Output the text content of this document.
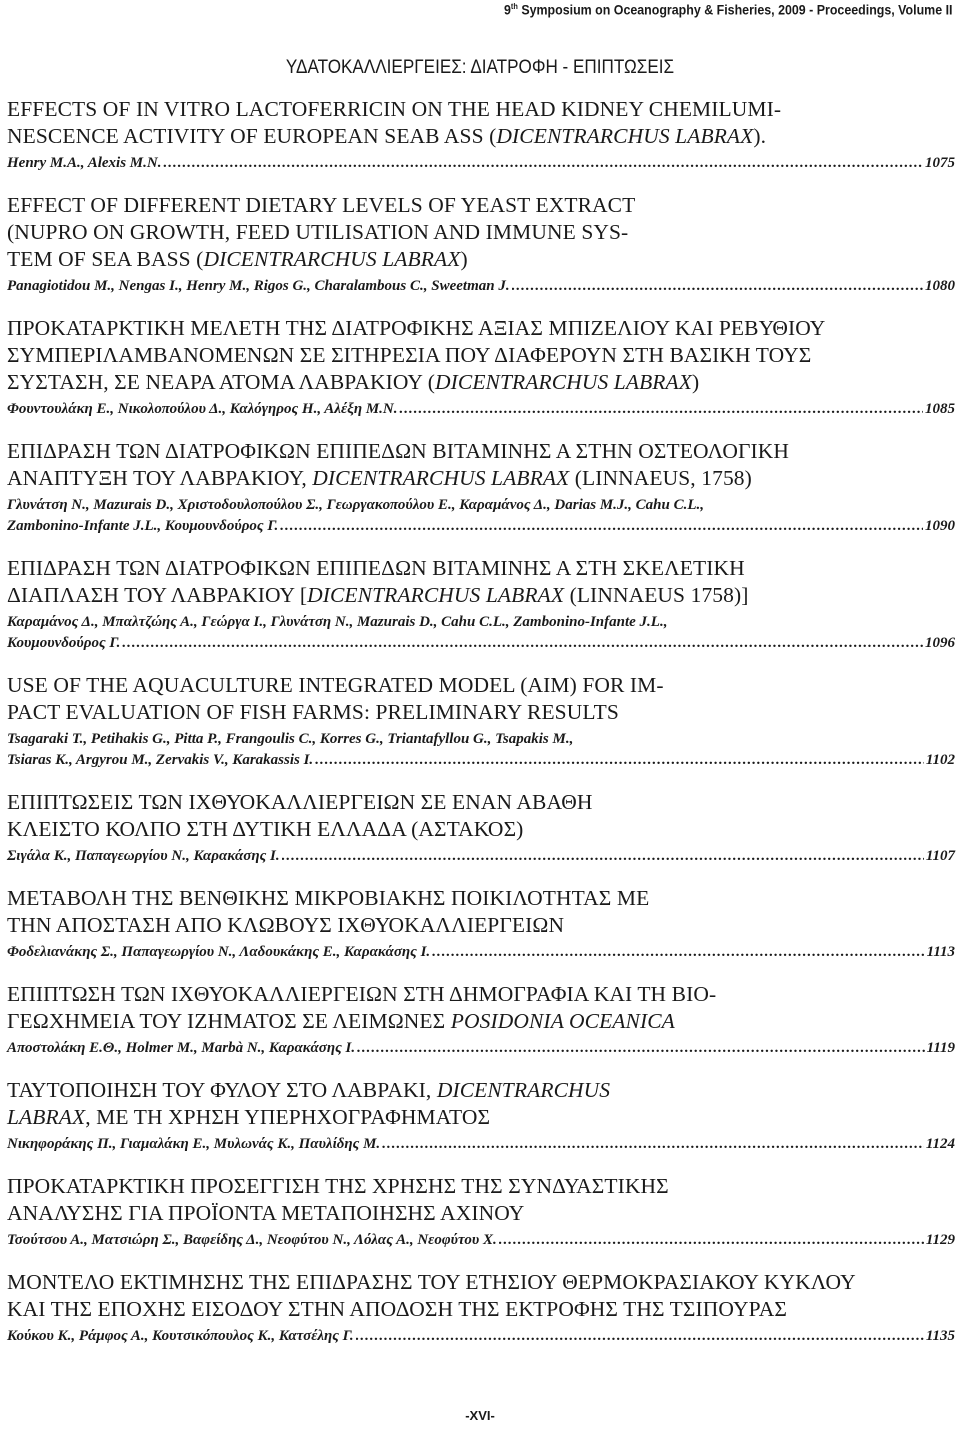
9th Symposium on Oceanography & Fisheries, 2009 - Proceedings, Volume II
ΥΔΑΤΟΚΑΛΛΙΕΡΓΕΙΕΣ: ΔΙΑΤΡΟΦΗ - ΕΠΙΠΤΩΣΕΙΣ
EFFECTS OF IN VITRO LACTOFERRICIN ON THE HEAD KIDNEY CHEMILUMI-
NESCENCE ACTIVITY OF EUROPEAN SEAB ASS (DICENTRARCHUS LABRAX).
Henry M.A., Alexis M.N. .....	1075
EFFECT OF DIFFERENT DIETARY LEVELS OF YEAST EXTRACT
(NUPRO ON GROWTH, FEED UTILISATION AND IMMUNE SYS-
TEM OF SEA BASS (DICENTRARCHUS LABRAX)
Panagiotidou M., Nengas I., Henry M., Rigos G., Charalambous C., Sweetman J. .....	1080
ΠΡΟΚΑΤΑΡΚΤΙΚΗ ΜΕΛΕΤΗ ΤΗΣ ΔΙΑΤΡΟΦΙΚΗΣ ΑΞΙΑΣ ΜΠΙΖΕΛΙΟΥ ΚΑΙ ΡΕΒΥΘΙΟΥ
ΣΥΜΠΕΡΙΛΑΜΒΑΝΟΜΕΝΩΝ ΣΕ ΣΙΤΗΡΕΣΙΑ ΠΟΥ ΔΙΑΦΕΡΟΥΝ ΣΤΗ ΒΑΣΙΚΗ ΤΟΥΣ
ΣΥΣΤΑΣΗ, ΣΕ ΝΕΑΡΑ ΑΤΟΜΑ ΛΑΒΡΑΚΙΟΥ (DICENTRARCHUS LABRAX)
Φουντουλάκη Ε., Νικολοπούλου Δ., Καλόγηρος Η., Αλέξη Μ.Ν. .....	1085
ΕΠΙΔΡΑΣΗ ΤΩΝ ΔΙΑΤΡΟΦΙΚΩΝ ΕΠΙΠΕΔΩΝ ΒΙΤΑΜΙΝΗΣ Α ΣΤΗΝ ΟΣΤΕΟΛΟΓΙΚΗ
ΑΝΑΠΤΥΞΗ ΤΟΥ ΛΑΒΡΑΚΙΟΥ, DICENTRARCHUS LABRAX (LINNAEUS, 1758)
Γλυνάτση Ν., Mazurais D., Χριστοδουλοπούλου Σ., Γεωργακοπούλου Ε., Καραμάνος Δ., Darias M.J., Cahu C.L.,
Zambonino-Infante J.L., Κουμουνδούρος Γ. .....	1090
ΕΠΙΔΡΑΣΗ ΤΩΝ ΔΙΑΤΡΟΦΙΚΩΝ ΕΠΙΠΕΔΩΝ ΒΙΤΑΜΙΝΗΣ Α ΣΤΗ ΣΚΕΛΕΤΙΚΗ
ΔΙΑΠΛΑΣΗ ΤΟΥ ΛΑΒΡΑΚΙΟΥ [DICENTRARCHUS LABRAX (LINNAEUS 1758)]
Καραμάνος Δ., Μπαλτζώης Α., Γεώργα Ι., Γλυνάτση Ν., Mazurais D., Cahu C.L., Zambonino-Infante J.L.,
Κουμουνδούρος Γ. .....	1096
USE OF THE AQUACULTURE INTEGRATED MODEL (AIM) FOR IM-
PACT EVALUATION OF FISH FARMS: PRELIMINARY RESULTS
Tsagaraki T., Petihakis G., Pitta P., Frangoulis C., Korres G., Triantafyllou G., Tsapakis M.,
Tsiaras K., Argyrou M., Zervakis V., Karakassis I. .....	1102
ΕΠΙΠΤΩΣΕΙΣ ΤΩΝ ΙΧΘΥΟΚΑΛΛΙΕΡΓΕΙΩΝ ΣΕ ΕΝΑΝ ΑΒΑΘΗ
ΚΛΕΙΣΤΟ ΚΟΛΠΟ ΣΤΗ ΔΥΤΙΚΗ ΕΛΛΑΔΑ (ΑΣΤΑΚΟΣ)
Σιγάλα Κ., Παπαγεωργίου Ν., Καρακάσης Ι. .....	1107
ΜΕΤΑΒΟΛΗ ΤΗΣ ΒΕΝΘΙΚΗΣ ΜΙΚΡΟΒΙΑΚΗΣ ΠΟΙΚΙΛΟΤΗΤΑΣ ΜΕ
ΤΗΝ ΑΠΟΣΤΑΣΗ ΑΠΟ ΚΛΩΒΟΥΣ ΙΧΘΥΟΚΑΛΛΙΕΡΓΕΙΩΝ
Φοδελιανάκης Σ., Παπαγεωργίου Ν., Λαδουκάκης Ε., Καρακάσης Ι. .....	1113
ΕΠΙΠΤΩΣΗ ΤΩΝ ΙΧΘΥΟΚΑΛΛΙΕΡΓΕΙΩΝ ΣΤΗ ΔΗΜΟΓΡΑΦΙΑ ΚΑΙ ΤΗ ΒΙΟ-
ΓΕΩΧΗΜΕΙΑ ΤΟΥ ΙΖΗΜΑΤΟΣ ΣΕ ΛΕΙΜΩΝΕΣ POSIDONIA OCEANICA
Αποστολάκη Ε.Θ., Holmer M., Marbà N., Καρακάσης Ι. .....	1119
ΤΑΥΤΟΠΟΙΗΣΗ ΤΟΥ ΦΥΛΟΥ ΣΤΟ ΛΑΒΡΑΚΙ, DICENTRARCHUS
LABRAX, ΜΕ ΤΗ ΧΡΗΣΗ ΥΠΕΡΗΧΟΓΡΑΦΗΜΑΤΟΣ
Νικηφοράκης Π., Γιαμαλάκη Ε., Μυλωνάς Κ., Παυλίδης Μ. .....	1124
ΠΡΟΚΑΤΑΡΚΤΙΚΗ ΠΡΟΣΕΓΓΙΣΗ ΤΗΣ ΧΡΗΣΗΣ ΤΗΣ ΣΥΝΔΥΑΣΤΙΚΗΣ
ΑΝΑΛΥΣΗΣ ΓΙΑ ΠΡΟΪΟΝΤΑ ΜΕΤΑΠΟΙΗΣΗΣ ΑΧΙΝΟΥ
Τσούτσου Α., Ματσιώρη Σ., Βαφείδης Δ., Νεοφύτου Ν., Λόλας Α., Νεοφύτου Χ. .....	1129
ΜΟΝΤΕΛΟ ΕΚΤΙΜΗΣΗΣ ΤΗΣ ΕΠΙΔΡΑΣΗΣ ΤΟΥ ΕΤΗΣΙΟΥ ΘΕΡΜΟΚΡΑΣΙΑΚΟΥ ΚΥΚΛΟΥ
ΚΑΙ ΤΗΣ ΕΠΟΧΗΣ ΕΙΣΟΔΟΥ ΣΤΗΝ ΑΠΟΔΟΣΗ ΤΗΣ ΕΚΤΡΟΦΗΣ ΤΗΣ ΤΣΙΠΟΥΡΑΣ
Κούκου Κ., Ράμφος Α., Κουτσικόπουλος Κ., Κατσέλης Γ. .....	1135
-XVI-
